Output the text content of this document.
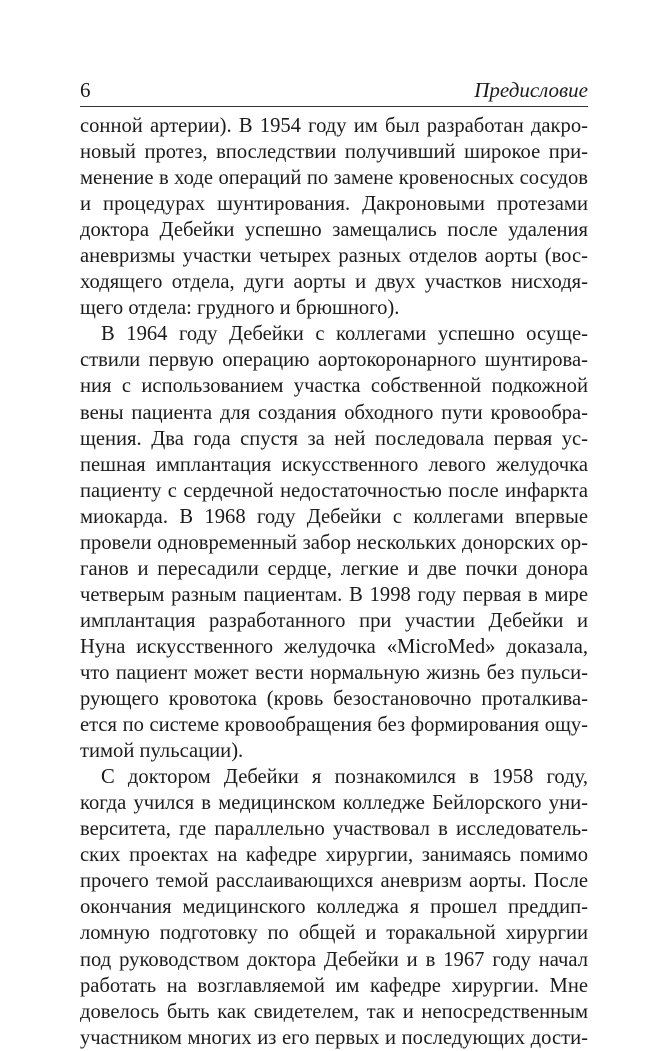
6	Предисловие
сонной артерии). В 1954 году им был разработан дакро-
новый протез, впоследствии получивший широкое при-
менение в ходе операций по замене кровеносных сосудов
и процедурах шунтирования. Дакроновыми протезами
доктора Дебейки успешно замещались после удаления
аневризмы участки четырех разных отделов аорты (вос-
ходящего отдела, дуги аорты и двух участков нисходя-
щего отдела: грудного и брюшного).
В 1964 году Дебейки с коллегами успешно осуще-
ствили первую операцию аортокоронарного шунтирова-
ния с использованием участка собственной подкожной
вены пациента для создания обходного пути кровообра-
щения. Два года спустя за ней последовала первая ус-
пешная имплантация искусственного левого желудочка
пациенту с сердечной недостаточностью после инфаркта
миокарда. В 1968 году Дебейки с коллегами впервые
провели одновременный забор нескольких донорских ор-
ганов и пересадили сердце, легкие и две почки донора
четверым разным пациентам. В 1998 году первая в мире
имплантация разработанного при участии Дебейки и
Нуна искусственного желудочка «MicroMed» доказала,
что пациент может вести нормальную жизнь без пульси-
рующего кровотока (кровь безостановочно проталкива-
ется по системе кровообращения без формирования ощу-
тимой пульсации).
С доктором Дебейки я познакомился в 1958 году,
когда учился в медицинском колледже Бейлорского уни-
верситета, где параллельно участвовал в исследователь-
ских проектах на кафедре хирургии, занимаясь помимо
прочего темой расслаивающихся аневризм аорты. После
окончания медицинского колледжа я прошел преддип-
ломную подготовку по общей и торакальной хирургии
под руководством доктора Дебейки и в 1967 году начал
работать на возглавляемой им кафедре хирургии. Мне
довелось быть как свидетелем, так и непосредственным
участником многих из его первых и последующих дости-
